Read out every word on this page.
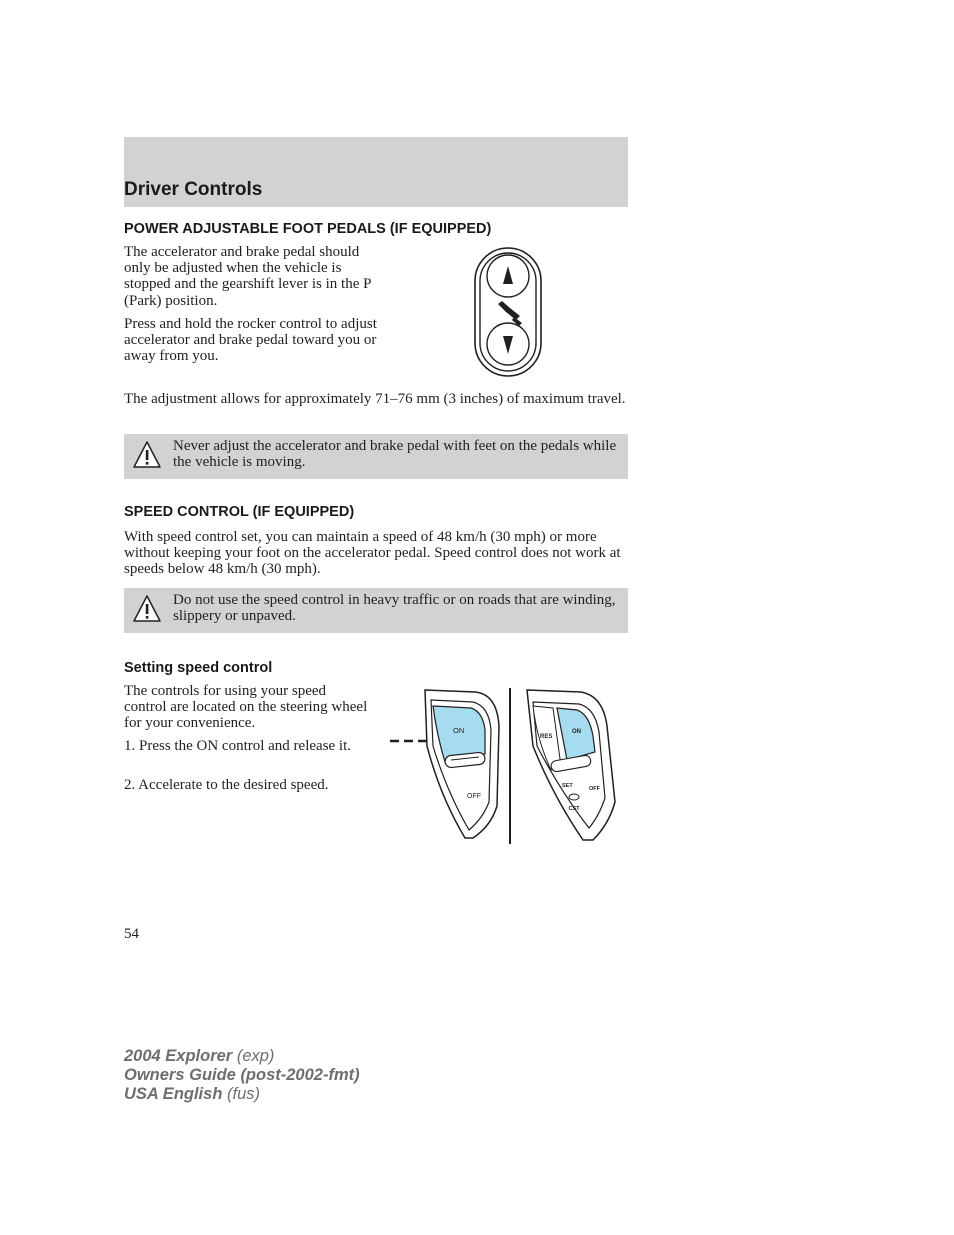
Driver Controls
POWER ADJUSTABLE FOOT PEDALS (IF EQUIPPED)

The accelerator and brake pedal should only be adjusted when the vehicle is stopped and the gearshift lever is in the P (Park) position.

Press and hold the rocker control to adjust accelerator and brake pedal toward you or away from you.

The adjustment allows for approximately 71–76 mm (3 inches) of maximum travel.

Never adjust the accelerator and brake pedal with feet on the pedals while the vehicle is moving.

SPEED CONTROL (IF EQUIPPED)

With speed control set, you can maintain a speed of 48 km/h (30 mph) or more without keeping your foot on the accelerator pedal. Speed control does not work at speeds below 48 km/h (30 mph).

Do not use the speed control in heavy traffic or on roads that are winding, slippery or unpaved.

Setting speed control

The controls for using your speed control are located on the steering wheel for your convenience.

1. Press the ON control and release it.

2. Accelerate to the desired speed.

ON
OFF
RES
ON
SET	OFF
CST
54
2004 Explorer (exp)
Owners Guide (post-2002-fmt)
USA English (fus)
